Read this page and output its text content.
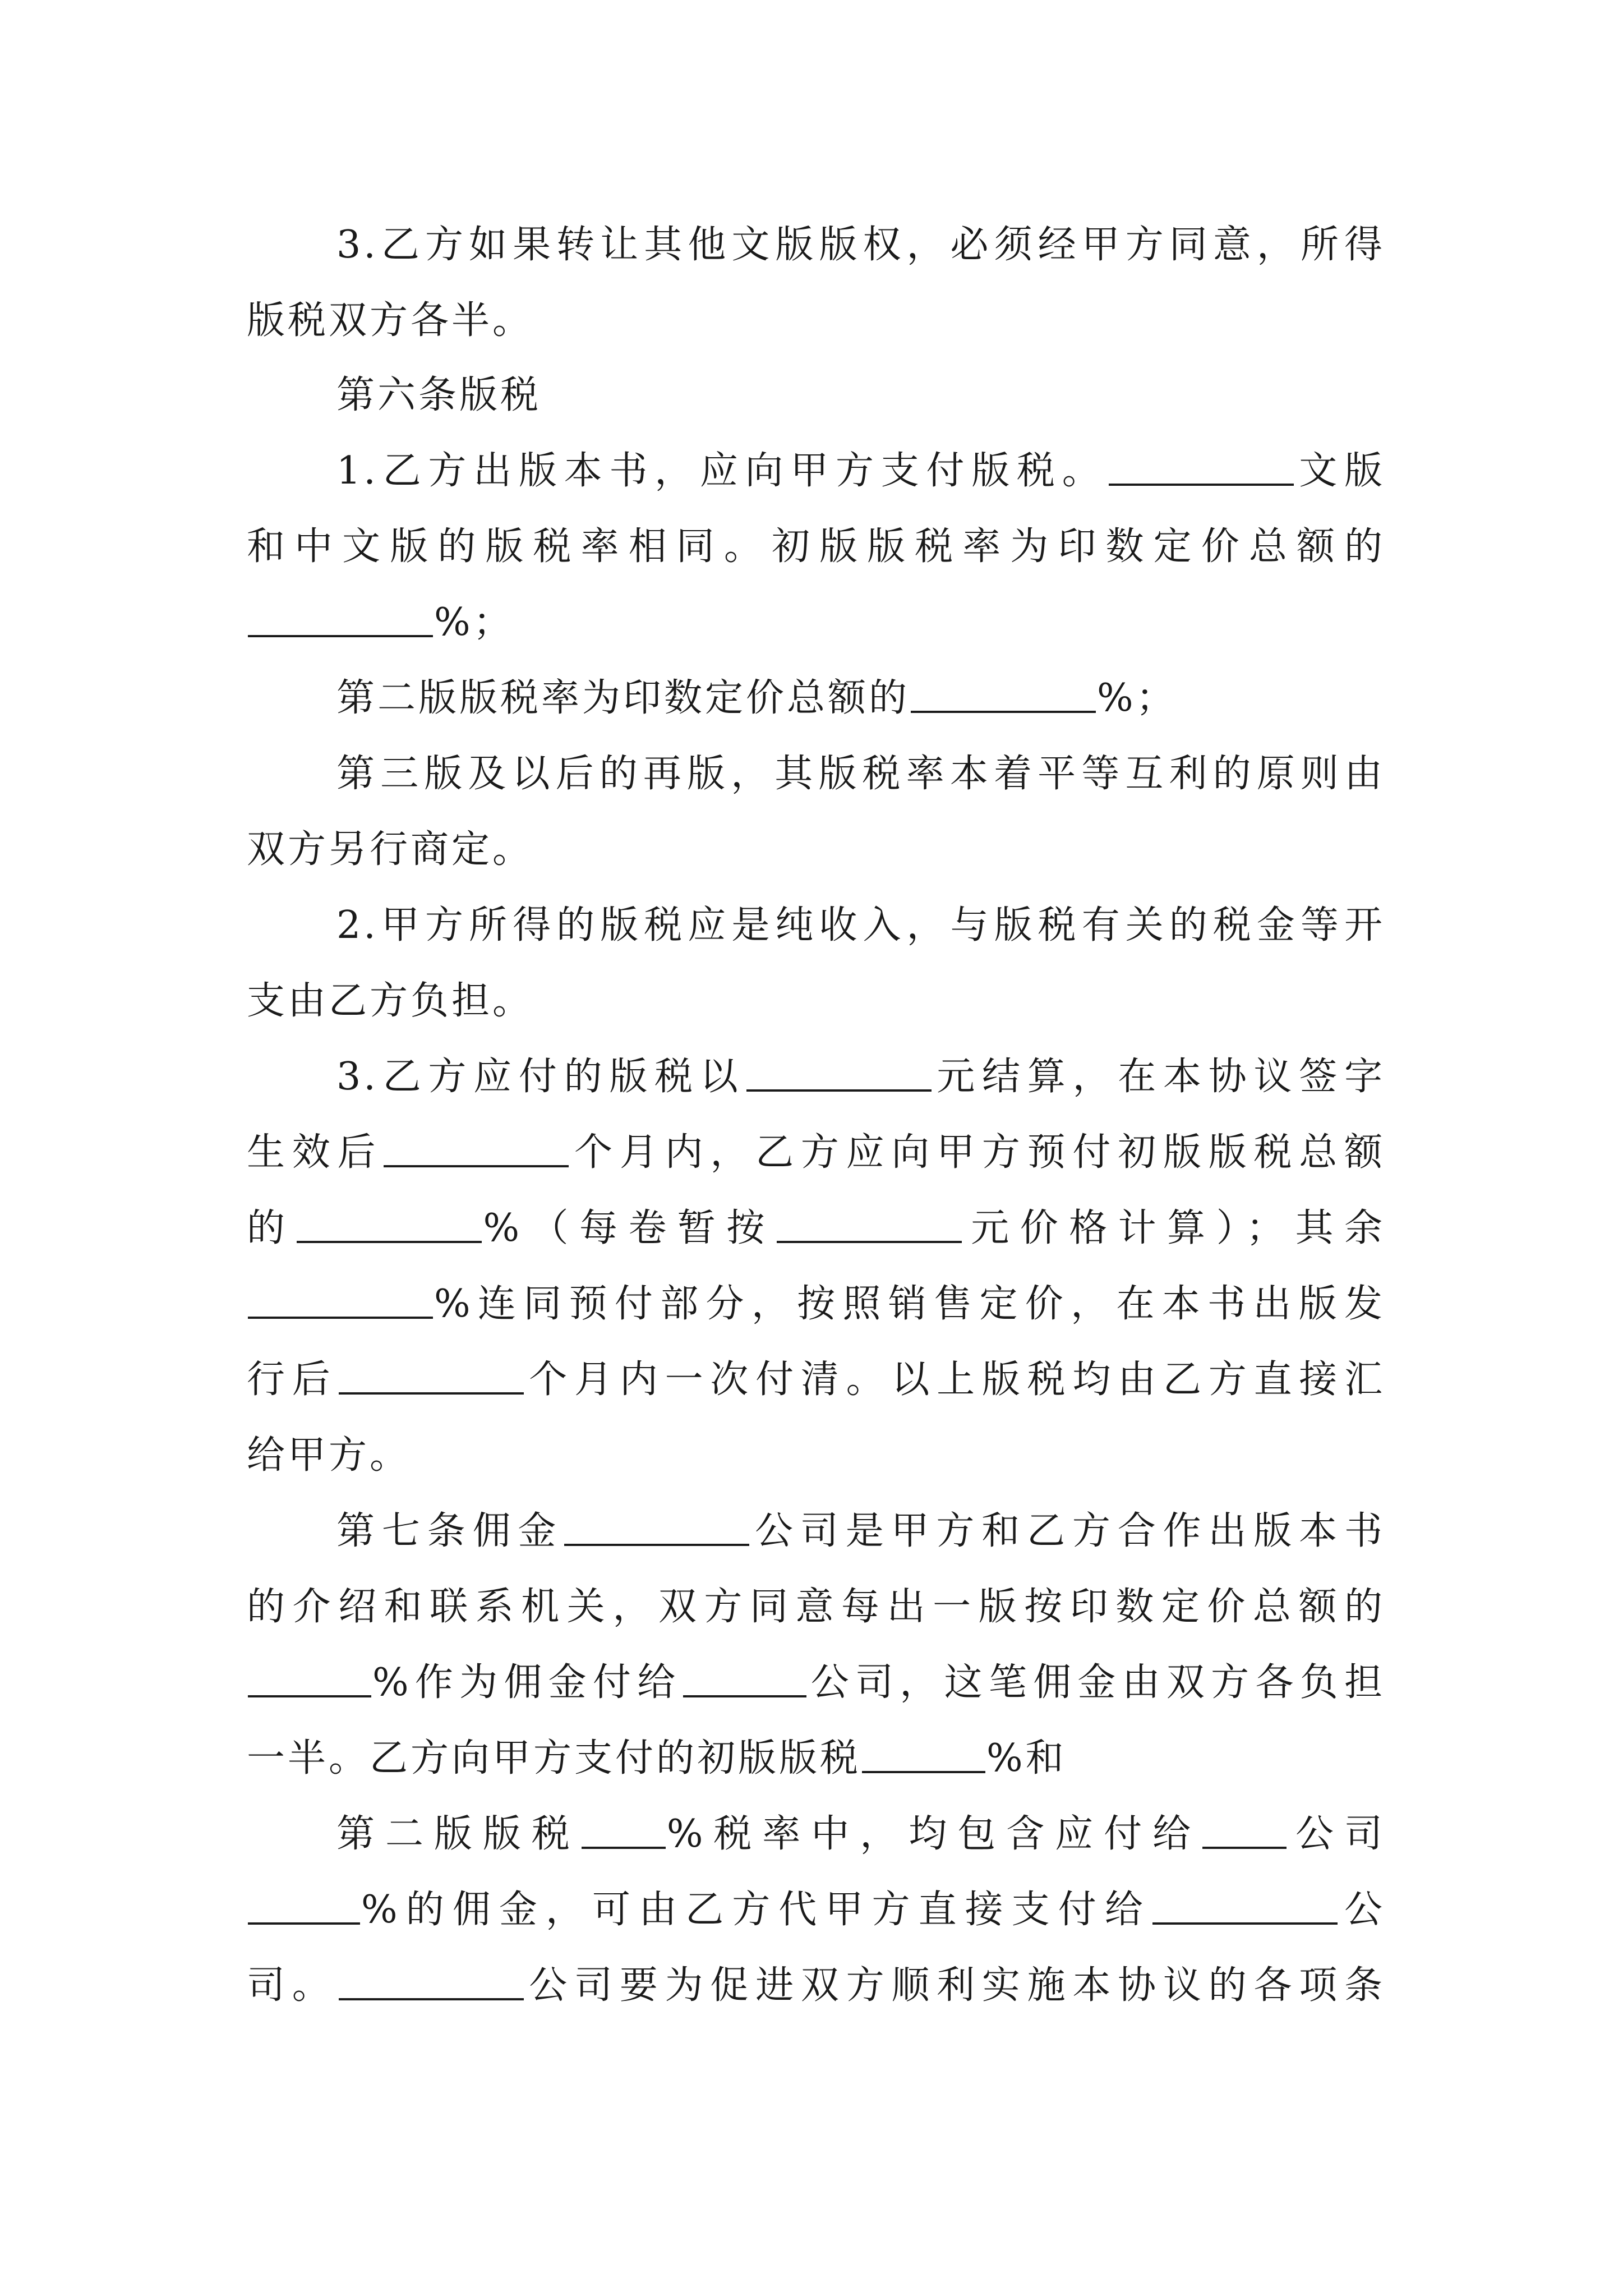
3.乙方如果转让其他文版版权，必须经甲方同意，所得
版税双方各半。
第六条版税
1.乙方出版本书，应向甲方支付版税。	文版
和中文版的版税率相同。初版版税率为印数定价总额的
%；
第二版版税率为印数定价总额的	%；
第三版及以后的再版，其版税率本着平等互利的原则由
双方另行商定。
2.甲方所得的版税应是纯收入，与版税有关的税金等开
支由乙方负担。
3.乙方应付的版税以	元结算，在本协议签字
生效后	个月内，乙方应向甲方预付初版版税总额
的	%（每卷暂按	元价格计算）；其余
%连同预付部分，按照销售定价，在本书出版发
行后	个月内一次付清。以上版税均由乙方直接汇
给甲方。
第七条佣金	公司是甲方和乙方合作出版本书
的介绍和联系机关，双方同意每出一版按印数定价总额的
%作为佣金付给	公司，这笔佣金由双方各负担
一半。乙方向甲方支付的初版版税	%和
第二版版税 %税率中，均包含应付给 公司
%的佣金，可由乙方代甲方直接支付给	公
司。	公司要为促进双方顺利实施本协议的各项条
